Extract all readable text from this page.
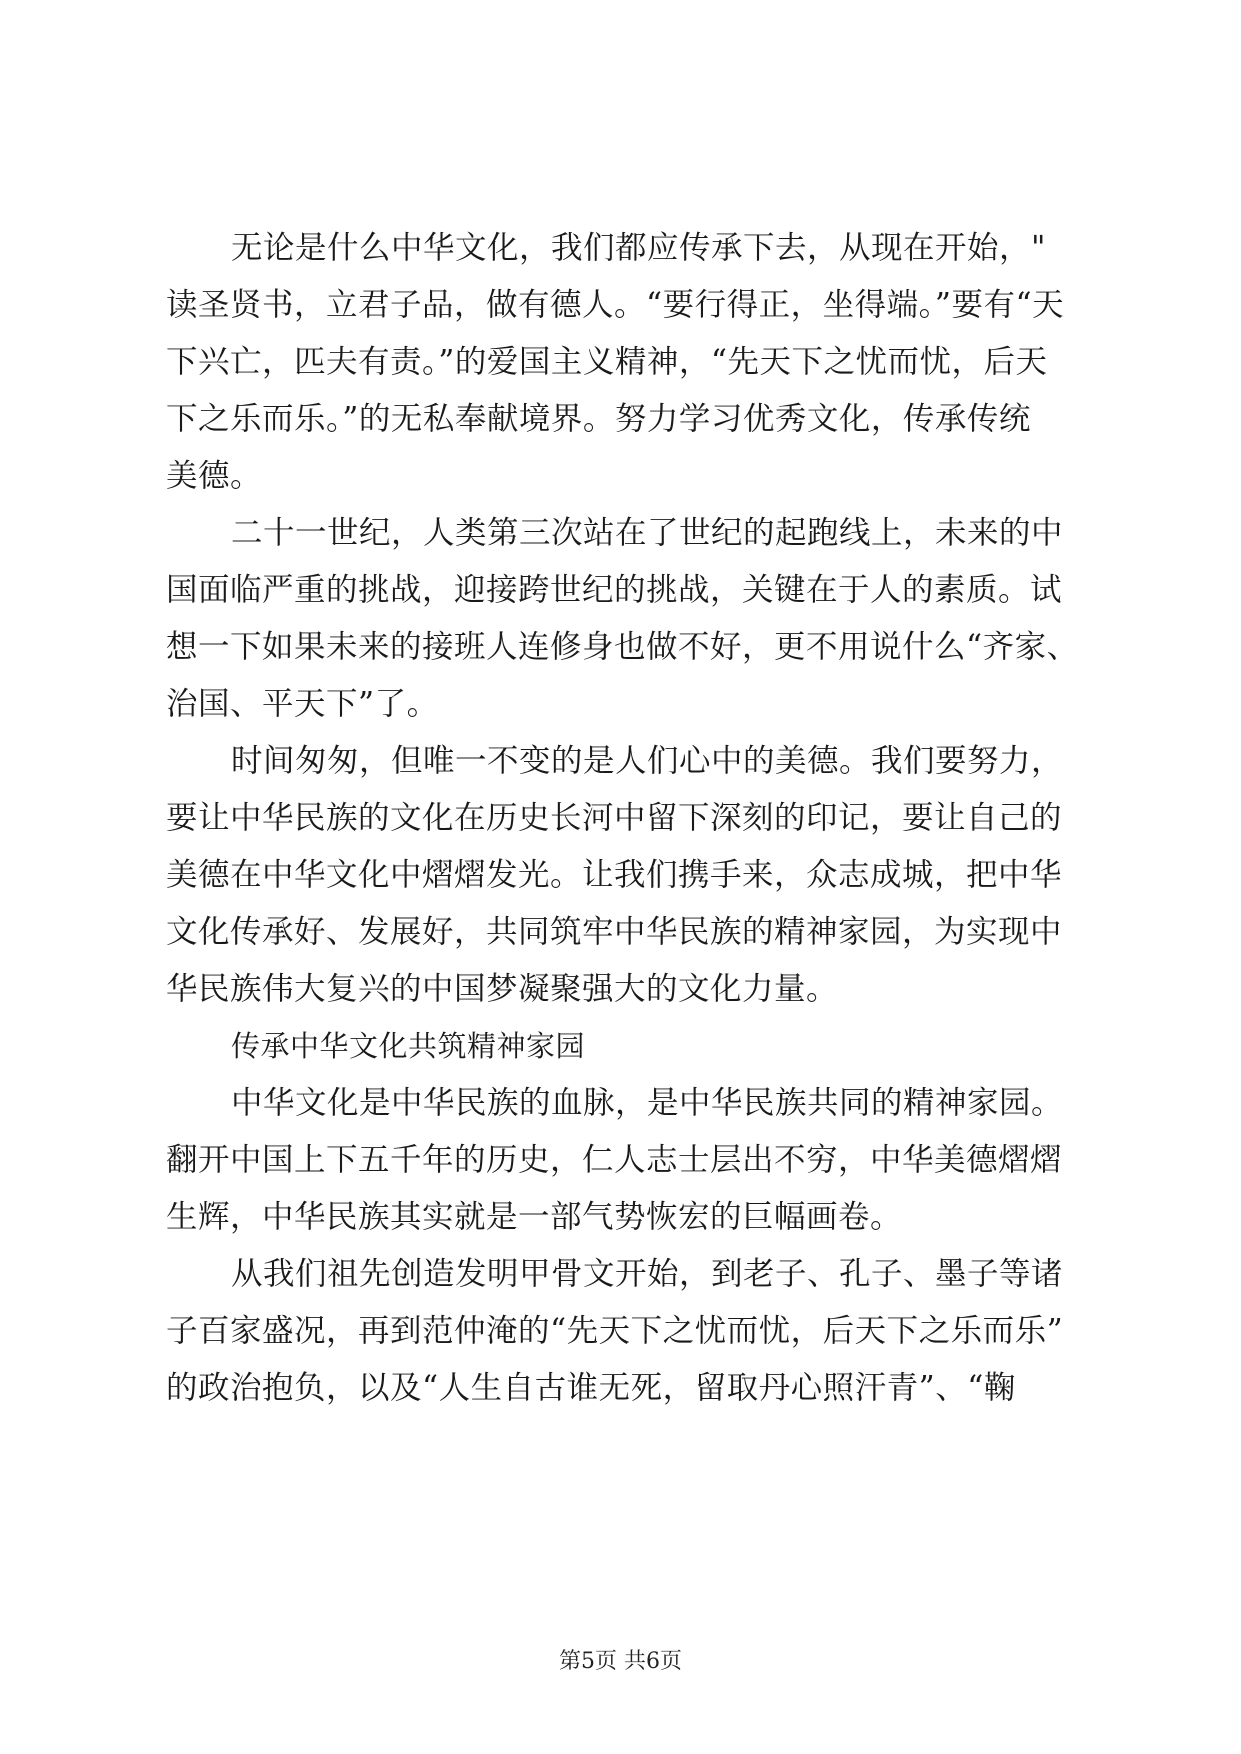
无论是什么中华文化，我们都应传承下去，从现在开始，"
读圣贤书，立君子品，做有德人。“要行得正，坐得端。”要有“天
下兴亡，匹夫有责。”的爱国主义精神，“先天下之忧而忧，后天
下之乐而乐。”的无私奉献境界。努力学习优秀文化，传承传统
美德。
二十一世纪，人类第三次站在了世纪的起跑线上，未来的中
国面临严重的挑战，迎接跨世纪的挑战，关键在于人的素质。试
想一下如果未来的接班人连修身也做不好，更不用说什么“齐家、
治国、平天下”了。
时间匆匆，但唯一不变的是人们心中的美德。我们要努力，
要让中华民族的文化在历史长河中留下深刻的印记，要让自己的
美德在中华文化中熠熠发光。让我们携手来，众志成城，把中华
文化传承好、发展好，共同筑牢中华民族的精神家园，为实现中
华民族伟大复兴的中国梦凝聚强大的文化力量。
传承中华文化共筑精神家园
中华文化是中华民族的血脉，是中华民族共同的精神家园。
翻开中国上下五千年的历史，仁人志士层出不穷，中华美德熠熠
生辉，中华民族其实就是一部气势恢宏的巨幅画卷。
从我们祖先创造发明甲骨文开始，到老子、孔子、墨子等诸
子百家盛况，再到范仲淹的“先天下之忧而忧，后天下之乐而乐”
的政治抱负，以及“人生自古谁无死，留取丹心照汗青”、“鞠
第5页 共6页
